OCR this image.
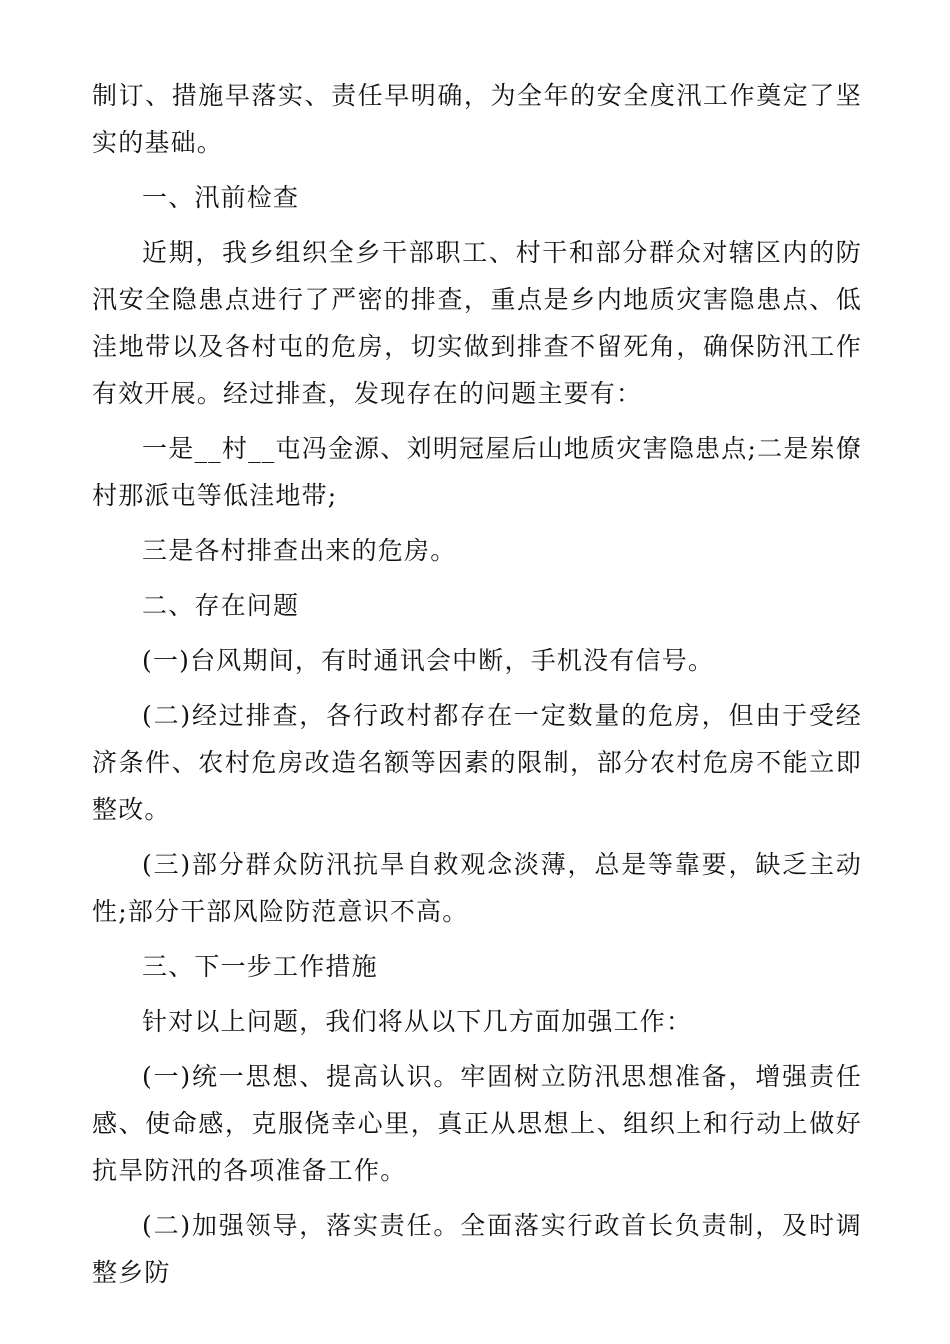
制订、措施早落实、责任早明确，为全年的安全度汛工作奠定了坚实的基础。

一、汛前检查

近期，我乡组织全乡干部职工、村干和部分群众对辖区内的防汛安全隐患点进行了严密的排查，重点是乡内地质灾害隐患点、低洼地带以及各村屯的危房，切实做到排查不留死角，确保防汛工作有效开展。经过排查，发现存在的问题主要有：

一是__村__屯冯金源、刘明冠屋后山地质灾害隐患点;二是岽僚村那派屯等低洼地带;

三是各村排查出来的危房。

二、存在问题

(一)台风期间，有时通讯会中断，手机没有信号。

(二)经过排查，各行政村都存在一定数量的危房，但由于受经济条件、农村危房改造名额等因素的限制，部分农村危房不能立即整改。

(三)部分群众防汛抗旱自救观念淡薄，总是等靠要，缺乏主动性;部分干部风险防范意识不高。

三、下一步工作措施

针对以上问题，我们将从以下几方面加强工作：

(一)统一思想、提高认识。牢固树立防汛思想准备，增强责任感、使命感，克服侥幸心里，真正从思想上、组织上和行动上做好抗旱防汛的各项准备工作。

(二)加强领导，落实责任。全面落实行政首长负责制，及时调整乡防
